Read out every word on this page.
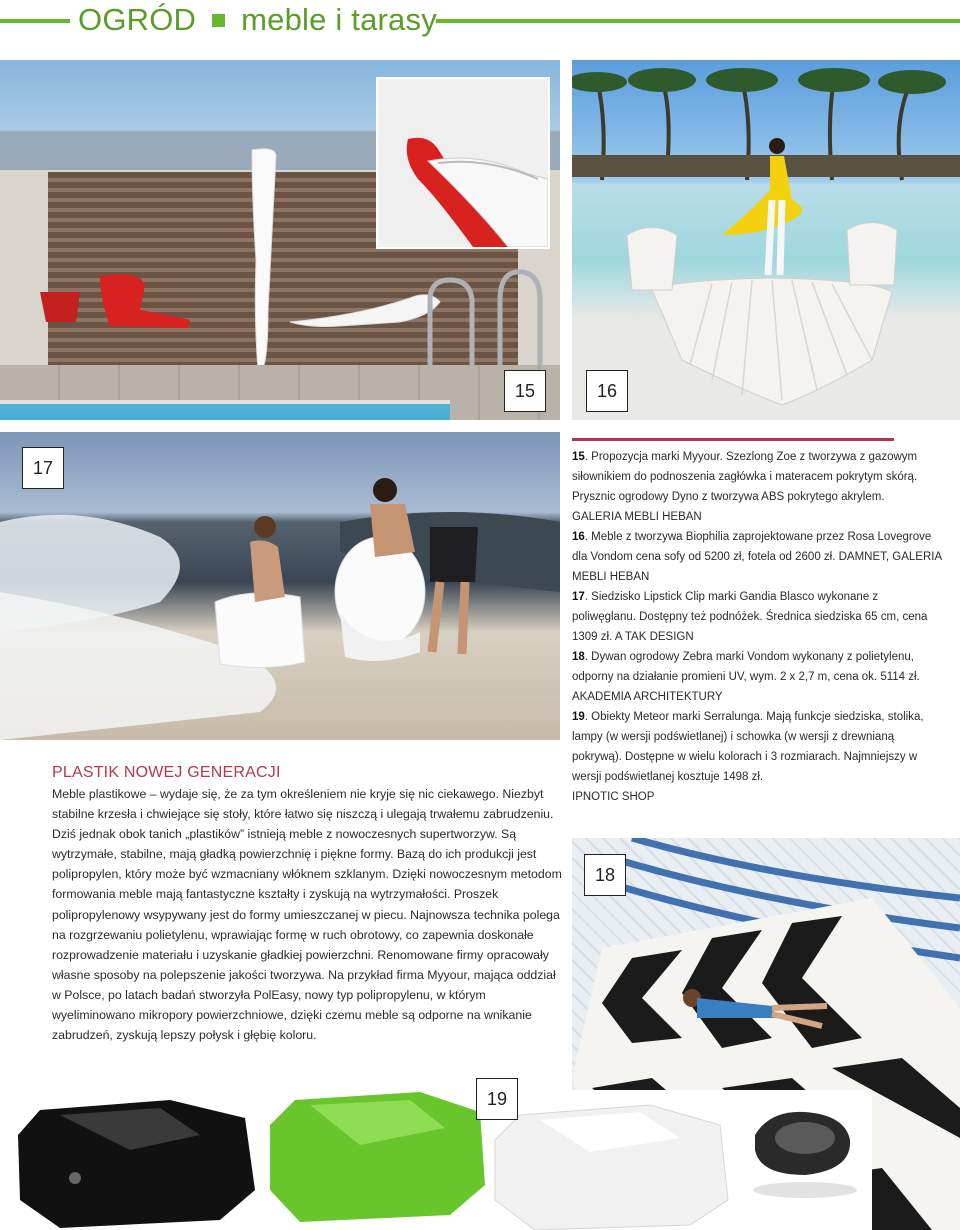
OGRÓD meble i tarasy
15	16
17

15. Propozycja marki Myyour. Szezlong Zoe z tworzywa z gazowym siłownikiem do podnoszenia zagłówka i materacem pokrytym skórą. Prysznic ogrodowy Dyno z tworzywa ABS pokrytego akrylem.

GALERIA MEBLI HEBAN

16. Meble z tworzywa Biophilia zaprojektowane przez Rosa Lovegrove dla Vondom cena sofy od 5200 zł, fotela od 2600 zł. DAMNET, GALERIA MEBLI HEBAN

17. Siedzisko Lipstick Clip marki Gandia Blasco wykonane z poliwęglanu. Dostępny też podnóżek. Średnica siedziska 65 cm, cena 1309 zł. A TAK DESIGN

18. Dywan ogrodowy Zebra marki Vondom wykonany z polietylenu, odporny na działanie promieni UV, wym. 2 x 2,7 m, cena ok. 5114 zł. AKADEMIA ARCHITEKTURY

19. Obiekty Meteor marki Serralunga. Mają funkcje siedziska, stolika, lampy (w wersji podświetlanej) i schowka (w wersji z drewnianą pokrywą). Dostępne w wielu kolorach i 3 rozmiarach. Najmniejszy w wersji podświetlanej kosztuje 1498 zł.

IPNOTIC SHOP

PLASTIK NOWEJ GENERACJI

Meble plastikowe – wydaje się, że za tym określeniem nie kryje się nic ciekawego. Niezbyt stabilne krzesła i chwiejące się stoły, które łatwo się niszczą i ulegają trwałemu zabrudzeniu. Dziś jednak obok tanich „plastików” istnieją meble z nowoczesnych supertworzyw. Są wytrzymałe, stabilne, mają gładką powierzchnię i piękne formy. Bazą do ich produkcji jest polipropylen, który może być wzmacniany włóknem szklanym. Dzięki nowoczesnym metodom formowania meble mają fantastyczne kształty i zyskują na wytrzymałości. Proszek polipropylenowy wsypywany jest do formy umieszczanej w piecu. Najnowsza technika polega na rozgrzewaniu polietylenu, wprawiając formę w ruch obrotowy, co zapewnia doskonałe rozprowadzenie materiału i uzyskanie gładkiej powierzchni. Renomowane firmy opracowały własne sposoby na polepszenie jakości tworzywa. Na przykład firma Myyour, mająca oddział w Polsce, po latach badań stworzyła PolEasy, nowy typ polipropylenu, w którym wyeliminowano mikropory powierzchniowe, dzięki czemu meble są odporne na wnikanie zabrudzeń, zyskują lepszy połysk i głębię koloru.

18
19
